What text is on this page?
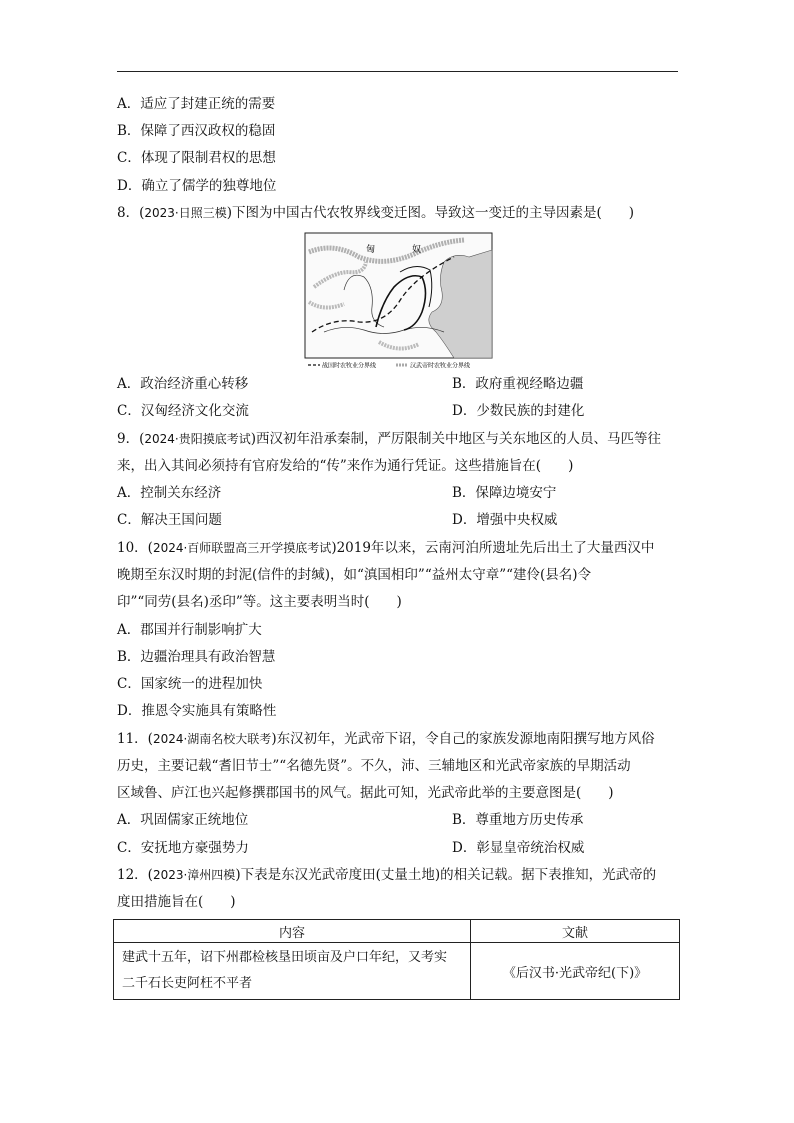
A．适应了封建正统的需要
B．保障了西汉政权的稳固
C．体现了限制君权的思想
D．确立了儒学的独尊地位
8．(2023·日照三模)下图为中国古代农牧界线变迁图。导致这一变迁的主导因素是(　　)
匈	奴
战国时农牧业分界线	汉武帝时农牧业分界线
A．政治经济重心转移	B．政府重视经略边疆
C．汉匈经济文化交流	D．少数民族的封建化
9．(2024·贵阳摸底考试)西汉初年沿承秦制，严厉限制关中地区与关东地区的人员、马匹等往
来，出入其间必须持有官府发给的“传”来作为通行凭证。这些措施旨在(　　)
A．控制关东经济	B．保障边境安宁
C．解决王国问题	D．增强中央权威
10．(2024·百师联盟高三开学摸底考试)2019年以来，云南河泊所遗址先后出土了大量西汉中
晚期至东汉时期的封泥(信件的封缄)，如“滇国相印”“益州太守章”“建伶(县名)令
印”“同劳(县名)丞印”等。这主要表明当时(　　)
A．郡国并行制影响扩大
B．边疆治理具有政治智慧
C．国家统一的进程加快
D．推恩令实施具有策略性
11．(2024·湖南名校大联考)东汉初年，光武帝下诏，令自己的家族发源地南阳撰写地方风俗
历史，主要记载“耆旧节士”“名德先贤”。不久，沛、三辅地区和光武帝家族的早期活动
区域鲁、庐江也兴起修撰郡国书的风气。据此可知，光武帝此举的主要意图是(　　)
A．巩固儒家正统地位	B．尊重地方历史传承
C．安抚地方豪强势力	D．彰显皇帝统治权威
12．(2023·漳州四模)下表是东汉光武帝度田(丈量土地)的相关记载。据下表推知，光武帝的
度田措施旨在(　　)
内容	文献

建武十五年，诏下州郡检核垦田顷亩及户口年纪，又考实
二千石长吏阿枉不平者	《后汉书·光武帝纪(下)》
